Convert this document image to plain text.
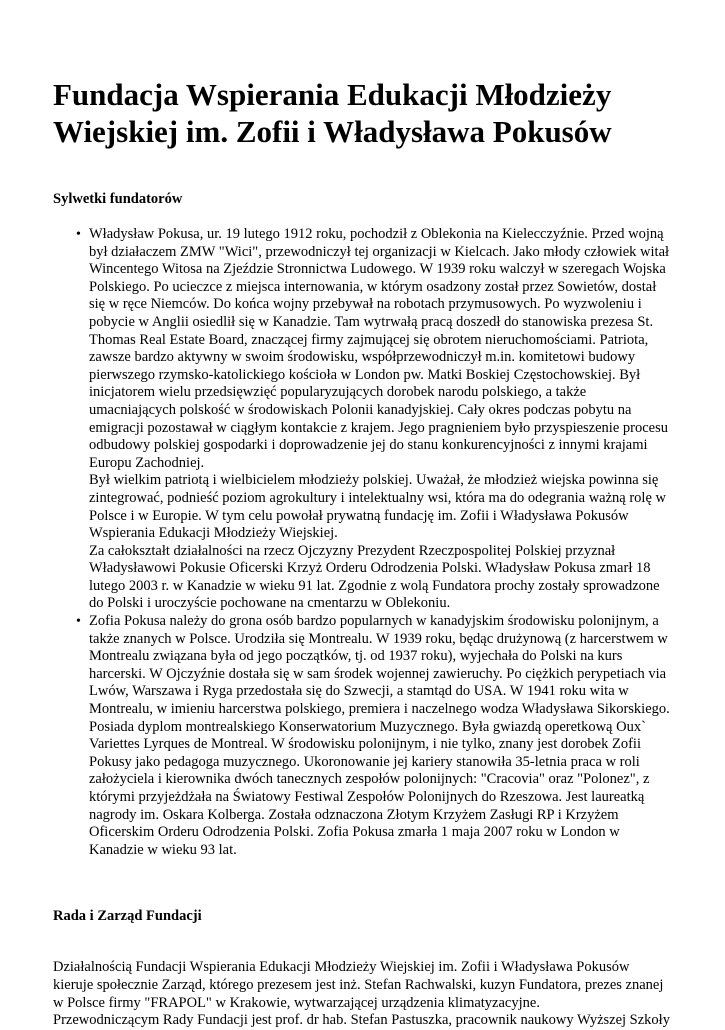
Fundacja Wspierania Edukacji Młodzieży
Wiejskiej im. Zofii i Władysława Pokusów
Sylwetki fundatorów
• Władysław Pokusa, ur. 19 lutego 1912 roku, pochodził z Oblekonia na Kielecczyźnie. Przed wojną był działaczem ZMW "Wici", przewodniczył tej organizacji w Kielcach. Jako młody człowiek witał Wincentego Witosa na Zjeździe Stronnictwa Ludowego. W 1939 roku walczył w szeregach Wojska Polskiego. Po ucieczce z miejsca internowania, w którym osadzony został przez Sowietów, dostał się w ręce Niemców. Do końca wojny przebywał na robotach przymusowych. Po wyzwoleniu i pobycie w Anglii osiedlił się w Kanadzie. Tam wytrwałą pracą doszedł do stanowiska prezesa St. Thomas Real Estate Board, znaczącej firmy zajmującej się obrotem nieruchomościami. Patriota, zawsze bardzo aktywny w swoim środowisku, współprzewodniczył m.in. komitetowi budowy pierwszego rzymsko-katolickiego kościoła w London pw. Matki Boskiej Częstochowskiej. Był inicjatorem wielu przedsięwzięć popularyzujących dorobek narodu polskiego, a także umacniających polskość w środowiskach Polonii kanadyjskiej. Cały okres podczas pobytu na emigracji pozostawał w ciągłym kontakcie z krajem. Jego pragnieniem było przyspieszenie procesu odbudowy polskiej gospodarki i doprowadzenie jej do stanu konkurencyjności z innymi krajami Europu Zachodniej.
Był wielkim patriotą i wielbicielem młodzieży polskiej. Uważał, że młodzież wiejska powinna się zintegrować, podnieść poziom agrokultury i intelektualny wsi, która ma do odegrania ważną rolę w Polsce i w Europie. W tym celu powołał prywatną fundację im. Zofii i Władysława Pokusów Wspierania Edukacji Młodzieży Wiejskiej.
Za całokształt działalności na rzecz Ojczyzny Prezydent Rzeczpospolitej Polskiej przyznał Władysławowi Pokusie Oficerski Krzyż Orderu Odrodzenia Polski. Władysław Pokusa zmarł 18 lutego 2003 r. w Kanadzie w wieku 91 lat. Zgodnie z wolą Fundatora prochy zostały sprowadzone do Polski i uroczyście pochowane na cmentarzu w Oblekoniu.
• Zofia Pokusa należy do grona osób bardzo popularnych w kanadyjskim środowisku polonijnym, a także znanych w Polsce. Urodziła się Montrealu. W 1939 roku, będąc drużynową (z harcerstwem w Montrealu związana była od jego początków, tj. od 1937 roku), wyjechała do Polski na kurs harcerski. W Ojczyźnie dostała się w sam środek wojennej zawieruchy. Po ciężkich perypetiach via Lwów, Warszawa i Ryga przedostała się do Szwecji, a stamtąd do USA. W 1941 roku wita w Montrealu, w imieniu harcerstwa polskiego, premiera i naczelnego wodza Władysława Sikorskiego. Posiada dyplom montrealskiego Konserwatorium Muzycznego. Była gwiazdą operetkową Oux` Variettes Lyrques de Montreal. W środowisku polonijnym, i nie tylko, znany jest dorobek Zofii Pokusy jako pedagoga muzycznego. Ukoronowanie jej kariery stanowiła 35-letnia praca w roli założyciela i kierownika dwóch tanecznych zespołów polonijnych: "Cracovia" oraz "Polonez", z którymi przyjeżdżała na Światowy Festiwal Zespołów Polonijnych do Rzeszowa. Jest laureatką nagrody im. Oskara Kolberga. Została odznaczona Złotym Krzyżem Zasługi RP i Krzyżem Oficerskim Orderu Odrodzenia Polski. Zofia Pokusa zmarła 1 maja 2007 roku w London w Kanadzie w wieku 93 lat.
Rada i Zarząd Fundacji

Działalnością Fundacji Wspierania Edukacji Młodzieży Wiejskiej im. Zofii i Władysława Pokusów kieruje społecznie Zarząd, którego prezesem jest inż. Stefan Rachwalski, kuzyn Fundatora, prezes znanej w Polsce firmy "FRAPOL" w Krakowie, wytwarzającej urządzenia klimatyzacyjne.

Przewodniczącym Rady Fundacji jest prof. dr hab. Stefan Pastuszka, pracownik naukowy Wyższej Szkoły
